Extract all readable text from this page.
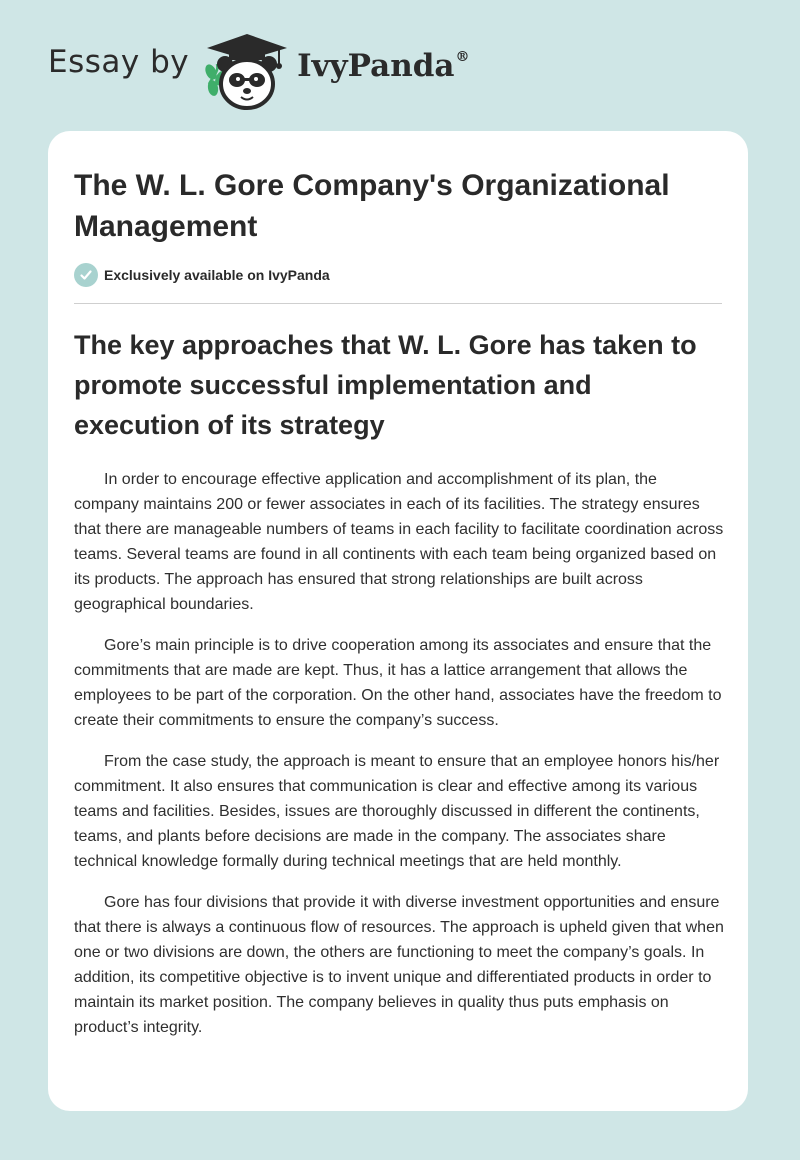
Essay by	IvyPanda®
The W. L. Gore Company's Organizational Management
Exclusively available on IvyPanda
The key approaches that W. L. Gore has taken to promote successful implementation and execution of its strategy

In order to encourage effective application and accomplishment of its plan, the company maintains 200 or fewer associates in each of its facilities. The strategy ensures that there are manageable numbers of teams in each facility to facilitate coordination across teams. Several teams are found in all continents with each team being organized based on its products. The approach has ensured that strong relationships are built across geographical boundaries.

Gore’s main principle is to drive cooperation among its associates and ensure that the commitments that are made are kept. Thus, it has a lattice arrangement that allows the employees to be part of the corporation. On the other hand, associates have the freedom to create their commitments to ensure the company’s success.

From the case study, the approach is meant to ensure that an employee honors his/her commitment. It also ensures that communication is clear and effective among its various teams and facilities. Besides, issues are thoroughly discussed in different the continents, teams, and plants before decisions are made in the company. The associates share technical knowledge formally during technical meetings that are held monthly.

Gore has four divisions that provide it with diverse investment opportunities and ensure that there is always a continuous flow of resources. The approach is upheld given that when one or two divisions are down, the others are functioning to meet the company’s goals. In addition, its competitive objective is to invent unique and differentiated products in order to maintain its market position. The company believes in quality thus puts emphasis on product’s integrity.
